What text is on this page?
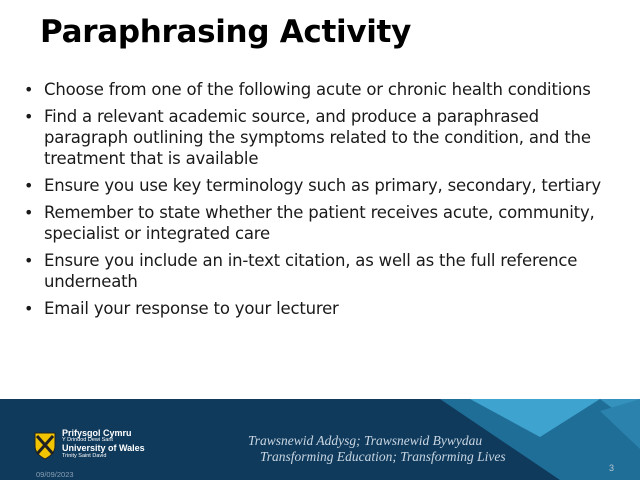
Paraphrasing Activity
• Choose from one of the following acute or chronic health conditions
• Find a relevant academic source, and produce a paraphrased paragraph outlining the symptoms related to the condition, and the treatment that is available
• Ensure you use key terminology such as primary, secondary, tertiary
• Remember to state whether the patient receives acute, community, specialist or integrated care
• Ensure you include an in-text citation, as well as the full reference underneath
• Email your response to your lecturer
Prifysgol Cymru
Y Drindod Dewi Sant
University of Wales
Trinity Saint David
Trawsnewid Addysg; Trawsnewid Bywydau
Transforming Education; Transforming Lives
09/09/2023
3
